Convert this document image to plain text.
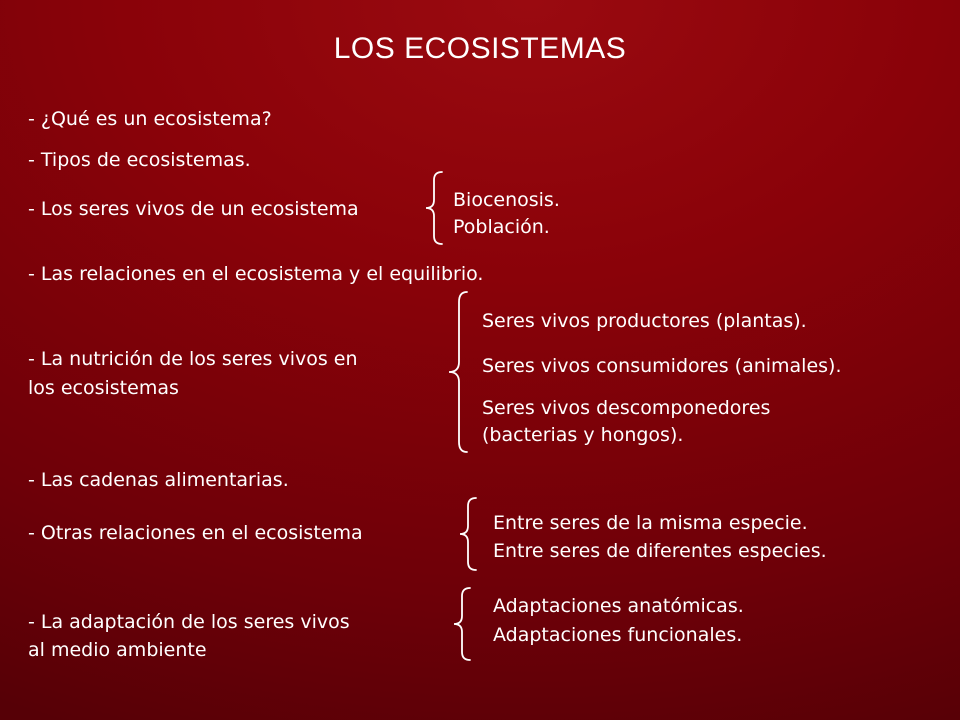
LOS ECOSISTEMAS
- ¿Qué es un ecosistema?
- Tipos de ecosistemas.
- Los seres vivos de un ecosistema	Biocenosis.
Población.
- Las relaciones en el ecosistema y el equilibrio.
- La nutrición de los seres vivos en
los ecosistemas
Seres vivos productores (plantas).
Seres vivos consumidores (animales).
Seres vivos descomponedores
(bacterias y hongos).
- Las cadenas alimentarias.
- Otras relaciones en el ecosistema	Entre seres de la misma especie.
Entre seres de diferentes especies.
- La adaptación de los seres vivos
al medio ambiente
Adaptaciones anatómicas.
Adaptaciones funcionales.
